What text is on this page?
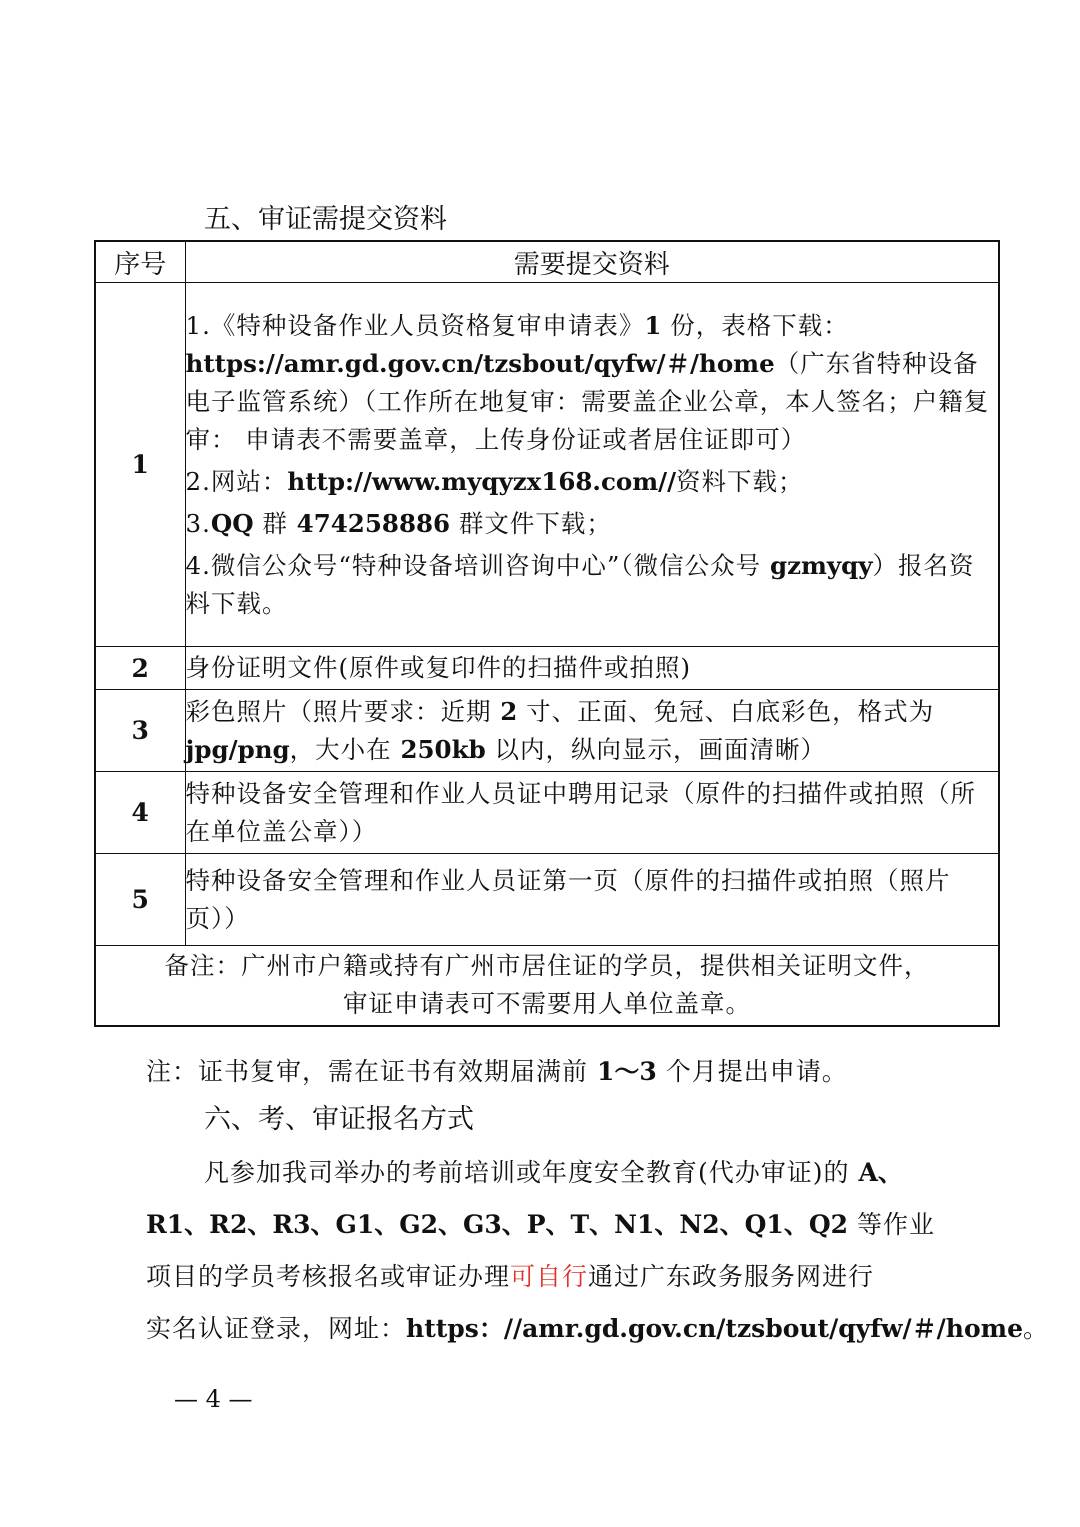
五、审证需提交资料
序号	需要提交资料
1	1.《特种设备作业人员资格复审申请表》1 份，表格下载： https://amr.gd.gov.cn/tzsbout/qyfw/＃/home（广东省特种设备电子监管系统）（工作所在地复审：需要盖企业公章，本人签名；户籍复审： 申请表不需要盖章，上传身份证或者居住证即可）

2.网站：http://www.myqyzx168.com//资料下载；

3.QQ 群 474258886 群文件下载；

4.微信公众号“特种设备培训咨询中心”（微信公众号 gzmyqy）报名资料下载。

2	身份证明文件(原件或复印件的扫描件或拍照)
3	彩色照片（照片要求：近期 2 寸、正面、免冠、白底彩色，格式为 jpg/png，大小在 250kb 以内，纵向显示，画面清晰）
4	特种设备安全管理和作业人员证中聘用记录（原件的扫描件或拍照（所在单位盖公章））
5	特种设备安全管理和作业人员证第一页（原件的扫描件或拍照（照片页））
备注：广州市户籍或持有广州市居住证的学员，提供相关证明文件，
审证申请表可不需要用人单位盖章。	
注：证书复审，需在证书有效期届满前 1～3 个月提出申请。
六、考、审证报名方式
凡参加我司举办的考前培训或年度安全教育(代办审证)的 A、
R1、R2、R3、G1、G2、G3、P、T、N1、N2、Q1、Q2 等作业
项目的学员考核报名或审证办理可自行通过广东政务服务网进行
实名认证登录，网址：https：//amr.gd.gov.cn/tzsbout/qyfw/＃/home。
— 4 —
